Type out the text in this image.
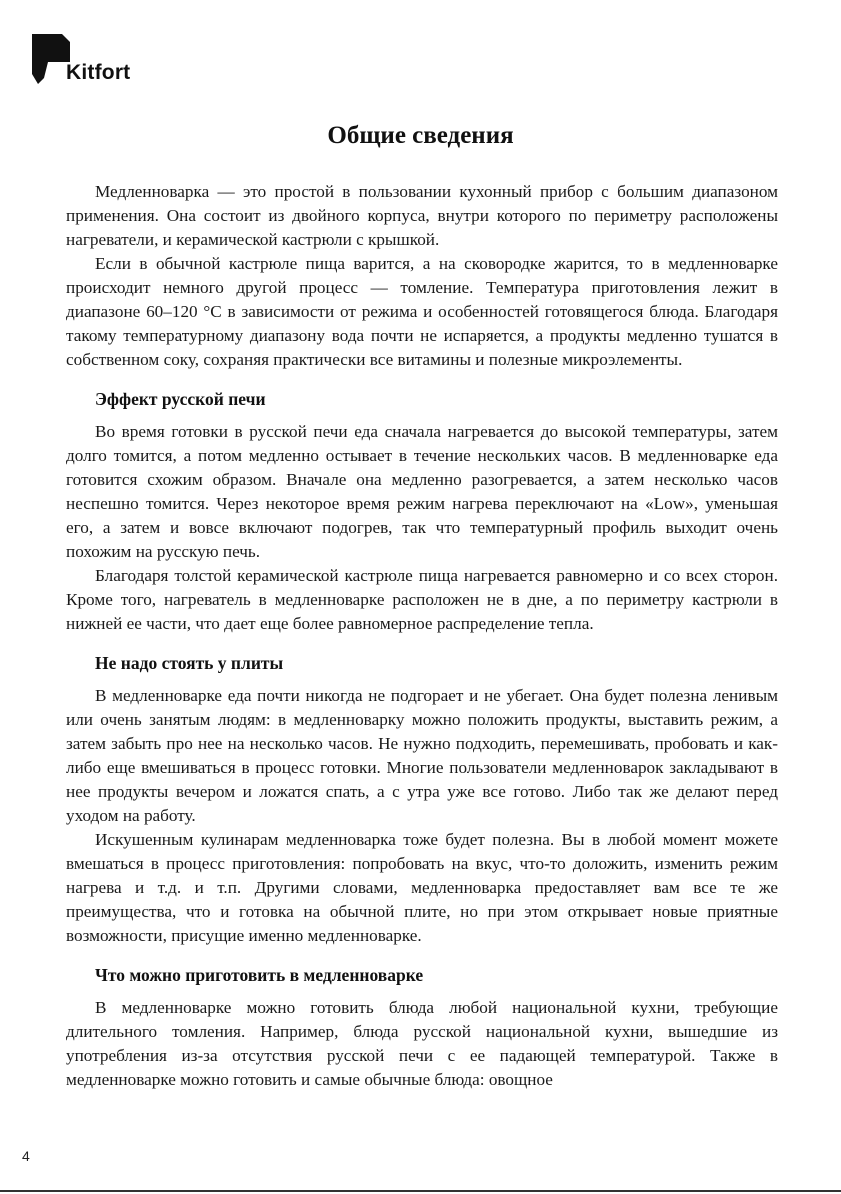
Kitfort
Общие сведения

Медленноварка — это простой в пользовании кухонный прибор с большим диапазоном применения. Она состоит из двойного корпуса, внутри которого по периметру расположены нагреватели, и керамической кастрюли с крышкой.

Если в обычной кастрюле пища варится, а на сковородке жарится, то в медленноварке происходит немного другой процесс — томление. Температура приготовления лежит в диапазоне 60–120 °С в зависимости от режима и особенностей готовящегося блюда. Благодаря такому температурному диапазону вода почти не испаряется, а продукты медленно тушатся в собственном соку, сохраняя практически все витамины и полезные микроэлементы.

Эффект русской печи

Во время готовки в русской печи еда сначала нагревается до высокой температуры, затем долго томится, а потом медленно остывает в течение нескольких часов. В медленноварке еда готовится схожим образом. Вначале она медленно разогревается, а затем несколько часов неспешно томится. Через некоторое время режим нагрева переключают на «Low», уменьшая его, а затем и вовсе включают подогрев, так что температурный профиль выходит очень похожим на русскую печь.

Благодаря толстой керамической кастрюле пища нагревается равномерно и со всех сторон. Кроме того, нагреватель в медленноварке расположен не в дне, а по периметру кастрюли в нижней ее части, что дает еще более равномерное распределение тепла.

Не надо стоять у плиты

В медленноварке еда почти никогда не подгорает и не убегает. Она будет полезна ленивым или очень занятым людям: в медленноварку можно положить продукты, выставить режим, а затем забыть про нее на несколько часов. Не нужно подходить, перемешивать, пробовать и как-либо еще вмешиваться в процесс готовки. Многие пользователи медленноварок закладывают в нее продукты вечером и ложатся спать, а с утра уже все готово. Либо так же делают перед уходом на работу.

Искушенным кулинарам медленноварка тоже будет полезна. Вы в любой момент можете вмешаться в процесс приготовления: попробовать на вкус, что-то доложить, изменить режим нагрева и т.д. и т.п. Другими словами, медленноварка предоставляет вам все те же преимущества, что и готовка на обычной плите, но при этом открывает новые приятные возможности, присущие именно медленноварке.

Что можно приготовить в медленноварке

В медленноварке можно готовить блюда любой национальной кухни, требующие длительного томления. Например, блюда русской национальной кухни, вышедшие из употребления из-за отсутствия русской печи с ее падающей температурой. Также в медленноварке можно готовить и самые обычные блюда: овощное

4
